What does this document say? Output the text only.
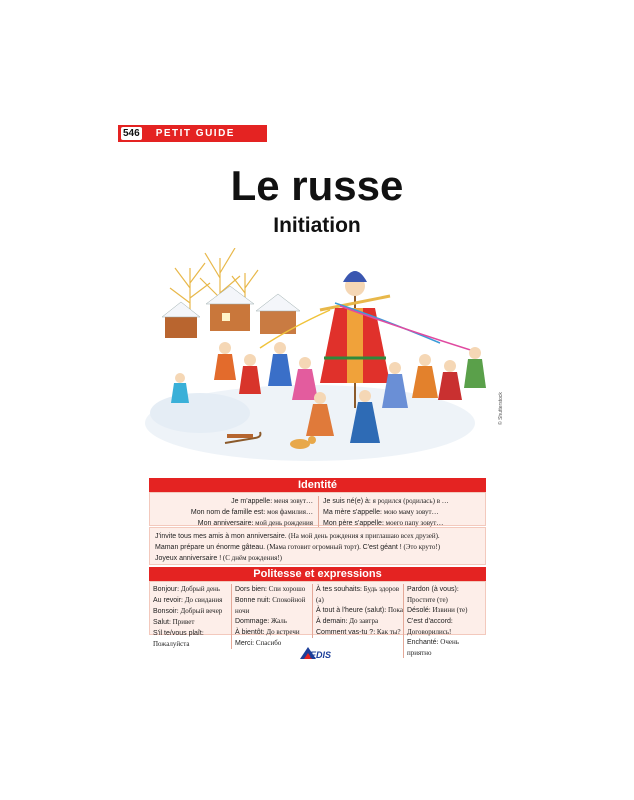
546 PETIT GUIDE
Le russe
Initiation
© Shutterstock
Identité
Je m'appelle: меня зовут…
Mon nom de famille est: моя фамилия…
Mon anniversaire: мой день рождения
Je suis né(e) à: я родился (родилась) в …
Ma mère s'appelle: мою маму зовут…
Mon père s'appelle: моего папу зовут…
J'invite tous mes amis à mon anniversaire. (На мой день рождения я приглашаю всех друзей).
Maman prépare un énorme gâteau. (Мама готовит огромный торт). C'est géant ! (Это круто!)
Joyeux anniversaire ! (С днём рождения!)
Politesse et expressions
Bonjour: Добрый день
Au revoir: До свидания
Bonsoir: Добрый вечер
Salut: Привет
S'il te/vous plaît: Пожалуйста
Dors bien: Спи хорошо
Bonne nuit: Спокойной ночи
Dommage: Жаль
À bientôt: До встречи
Merci: Спасибо
À tes souhaits: Будь здоров (а)
À tout à l'heure (salut): Пока
À demain: До завтра
Comment vas-tu ?: Как ты?
Pardon (à vous): Простите (те)
Désolé: Извини (те)
C'est d'accord: Договорились!
Enchanté: Очень приятно
EDIS
